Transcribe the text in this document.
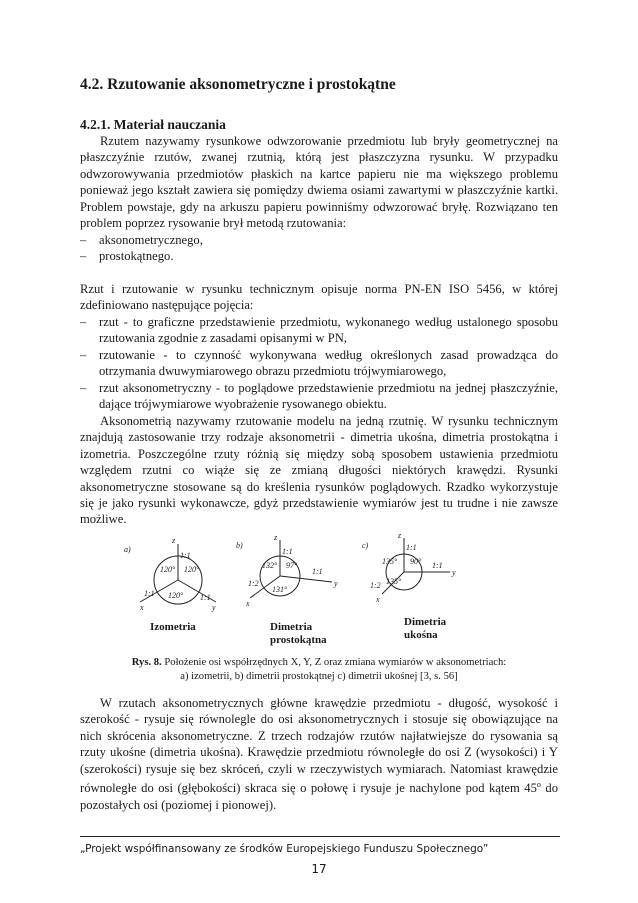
4.2. Rzutowanie aksonometryczne i prostokątne
4.2.1. Materiał nauczania

Rzutem nazywamy rysunkowe odwzorowanie przedmiotu lub bryły geometrycznej na płaszczyźnie rzutów, zwanej rzutnią, którą jest płaszczyzna rysunku. W przypadku odwzorowywania przedmiotów płaskich na kartce papieru nie ma większego problemu ponieważ jego kształt zawiera się pomiędzy dwiema osiami zawartymi w płaszczyźnie kartki. Problem powstaje, gdy na arkuszu papieru powinniśmy odwzorować bryłę. Rozwiązano ten problem poprzez rysowanie brył metodą rzutowania:

– aksonometrycznego,
– prostokątnego.

Rzut i rzutowanie w rysunku technicznym opisuje norma PN-EN ISO 5456, w której zdefiniowano następujące pojęcia:

– rzut - to graficzne przedstawienie przedmiotu, wykonanego według ustalonego sposobu rzutowania zgodnie z zasadami opisanymi w PN,
– rzutowanie - to czynność wykonywana według określonych zasad prowadząca do otrzymania dwuwymiarowego obrazu przedmiotu trójwymiarowego,
– rzut aksonometryczny - to poglądowe przedstawienie przedmiotu na jednej płaszczyźnie, dające trójwymiarowe wyobrażenie rysowanego obiektu.

Aksonometrią nazywamy rzutowanie modelu na jedną rzutnię. W rysunku technicznym znajdują zastosowanie trzy rodzaje aksonometrii - dimetria ukośna, dimetria prostokątna i izometria. Poszczególne rzuty różnią się między sobą sposobem ustawienia przedmiotu względem rzutni co wiąże się ze zmianą długości niektórych krawędzi. Rysunki aksonometryczne stosowane są do kreślenia rysunków poglądowych. Rzadko wykorzystuje się je jako rysunki wykonawcze, gdyż przedstawienie wymiarów jest tu trudne i nie zawsze możliwe.

a)
z
x	y
120° 120°
120°
1:1
1:1	1:1
b)
z
x
y
132° 97°
131°
1:2
1:1
1:1
c)
z
x
y
135° 90°
135°
1:2
1:1
1:1
Izometria	Dimetria prostokątna
Dimetria ukośna
Rys. 8. Położenie osi współrzędnych X, Y, Z oraz zmiana wymiarów w aksonometriach:
a) izometrii, b) dimetrii prostokątnej c) dimetrii ukośnej [3, s. 56]

W rzutach aksonometrycznych główne krawędzie przedmiotu - długość, wysokość i szerokość - rysuje się równolegle do osi aksonometrycznych i stosuje się obowiązujące na nich skrócenia aksonometryczne. Z trzech rodzajów rzutów najłatwiejsze do rysowania są rzuty ukośne (dimetria ukośna). Krawędzie przedmiotu równoległe do osi Z (wysokości) i Y (szerokości) rysuje się bez skróceń, czyli w rzeczywistych wymiarach. Natomiast krawędzie równoległe do osi (głębokości) skraca się o połowę i rysuje je nachylone pod kątem 45$^o$ do pozostałych osi (poziomej i pionowej).

„Projekt współfinansowany ze środków Europejskiego Funduszu Społecznego”
17
